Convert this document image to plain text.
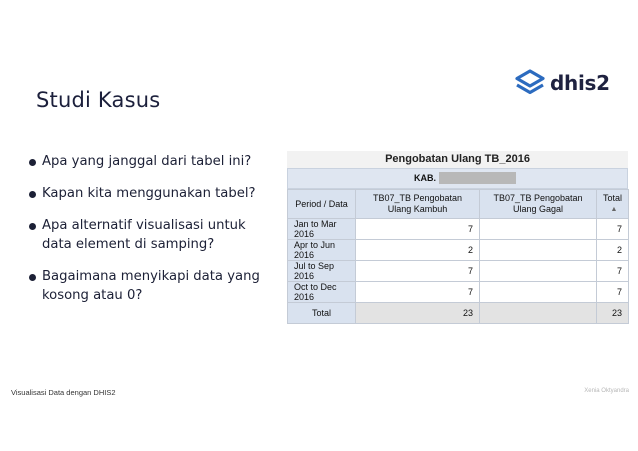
Studi Kasus
dhis2
Apa yang janggal dari tabel ini?
Kapan kita menggunakan tabel?
Apa alternatif visualisasi untuk data element di samping?
Bagaimana menyikapi data yang kosong atau 0?
Pengobatan Ulang TB_2016
KAB.
Period / Data	TB07_TB Pengobatan Ulang Kambuh	TB07_TB Pengobatan Ulang Gagal	Total▲

Jan to Mar 2016	7		7
Apr to Jun 2016	2		2
Jul to Sep 2016	7		7
Oct to Dec 2016	7		7
Total	23		23
Visualisasi Data dengan DHIS2	Xenia Oktyandra
